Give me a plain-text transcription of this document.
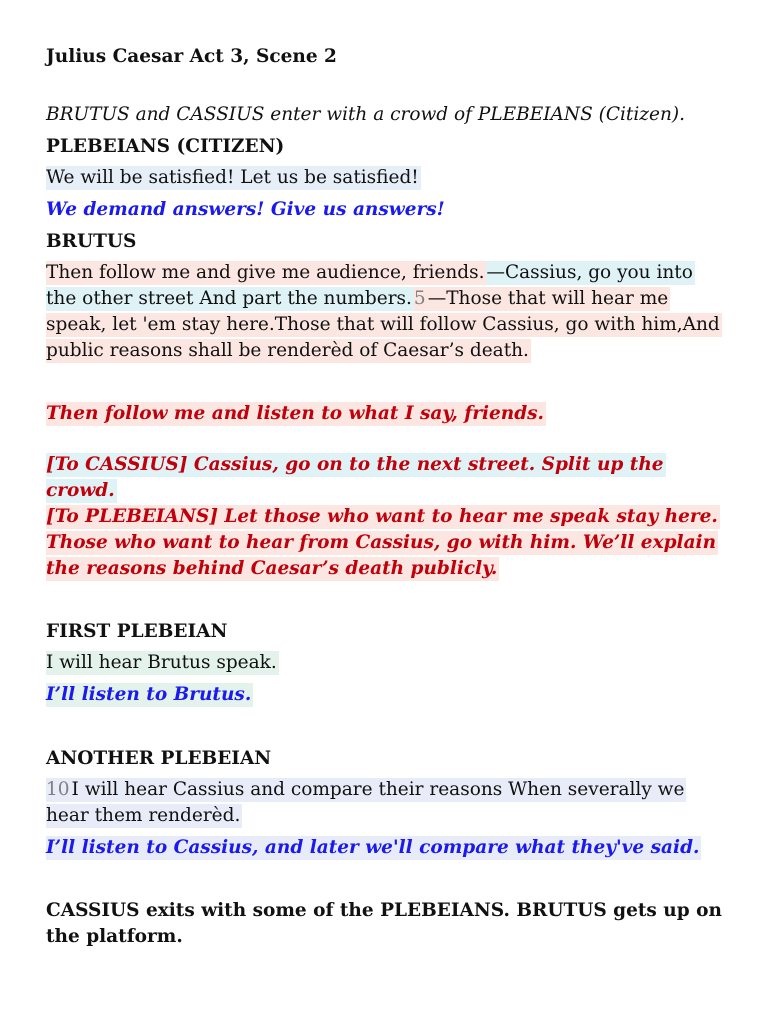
Julius Caesar Act 3, Scene 2
BRUTUS and CASSIUS enter with a crowd of PLEBEIANS (Citizen).
PLEBEIANS (CITIZEN)
We will be satisfied! Let us be satisfied!
We demand answers! Give us answers!
BRUTUS
Then follow me and give me audience, friends. —Cassius, go you into the other street And part the numbers. 5 —Those that will hear me speak, let 'em stay here.Those that will follow Cassius, go with him,And public reasons shall be renderèd of Caesar’s death.
Then follow me and listen to what I say, friends.
[To CASSIUS] Cassius, go on to the next street. Split up the crowd.
[To PLEBEIANS] Let those who want to hear me speak stay here. Those who want to hear from Cassius, go with him. We’ll explain the reasons behind Caesar’s death publicly.
FIRST PLEBEIAN
I will hear Brutus speak.
I’ll listen to Brutus.
ANOTHER PLEBEIAN
10 I will hear Cassius and compare their reasons When severally we hear them renderèd.
I’ll listen to Cassius, and later we'll compare what they've said.
CASSIUS exits with some of the PLEBEIANS. BRUTUS gets up on the platform.
